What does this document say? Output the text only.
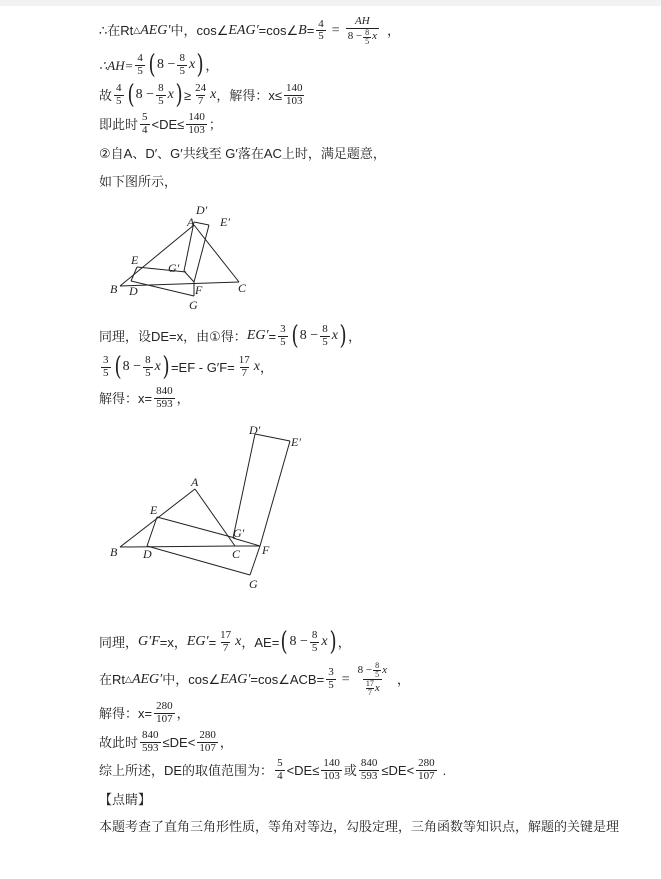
∴在Rt △ AEG′ 中，cos∠ EAG′ =cos∠ $B = \frac{4}{5} = \frac{AH}{8 - \frac{8}{5} x}$ ，
∴AH= $\frac{4}{5}$ ( $8 - \frac{8}{5}$ x ) ，
故 $\frac{4}{5}$ ( $8 - \frac{8}{5}$ x ) ≥ $\frac{24}{7}$ x ，解得：$x\le \frac{140}{103}$
即此时 $\frac{5}{4} <DE\le \frac{140}{103}$ ；
②自A、D′、G′共线至 G′落在AC上时，满足题意，
如下图所示，
A
D′
E′
E
G′
B D	F	C
G
同理，设DE=x，由①得： $EG' = \frac{3}{5}$ ( $8 - \frac{8}{5}$ x ) ，
$\frac{3}{5}$ ( $8 - \frac{8}{5}$ x ) $=EF - G'F= \frac{17}{7}$ x ，
解得：$x= \frac{840}{593}$ ，
D′
E′
A
E
G′
B D	C F
G
同理， G′F =x， $EG' = \frac{17}{7}$ x ，AE= ( $8 - \frac{8}{5}$ x ) ，
在Rt △ AEG′ 中，cos∠ EAG′ =cos∠ACB= $\frac{3}{5} = 8 - \frac{8}{5}$ x
17
7 x ，
解得：$x= \frac{280}{107}$ ，
故此时 $\frac{840}{593} \le DE< \frac{280}{107}$ ，
综上所述，DE的取值范围为： $\frac{5}{4} <DE\le \frac{140}{103}$ 或 $\frac{840}{593} \le DE< \frac{280}{107}$ .
【点睛】
本题考查了直角三角形性质，等角对等边，勾股定理，三角函数等知识点，解题的关键是理
